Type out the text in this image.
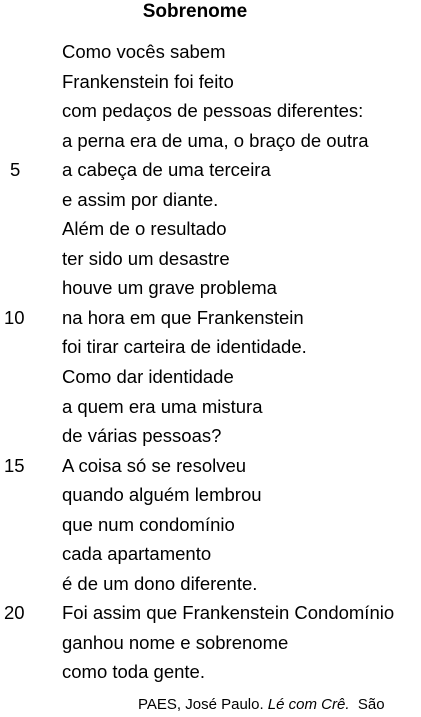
Sobrenome
Como vocês sabem
Frankenstein foi feito
com pedaços de pessoas diferentes:
a perna era de uma, o braço de outra
5	a cabeça de uma terceira
e assim por diante.
Além de o resultado
ter sido um desastre
houve um grave problema
10 na hora em que Frankenstein
foi tirar carteira de identidade.
Como dar identidade
a quem era uma mistura
de várias pessoas?
15 A coisa só se resolveu
quando alguém lembrou
que num condomínio
cada apartamento
é de um dono diferente.
20 Foi assim que Frankenstein Condomínio
ganhou nome e sobrenome
como toda gente.
PAES, José Paulo. Lé com Crê. São
